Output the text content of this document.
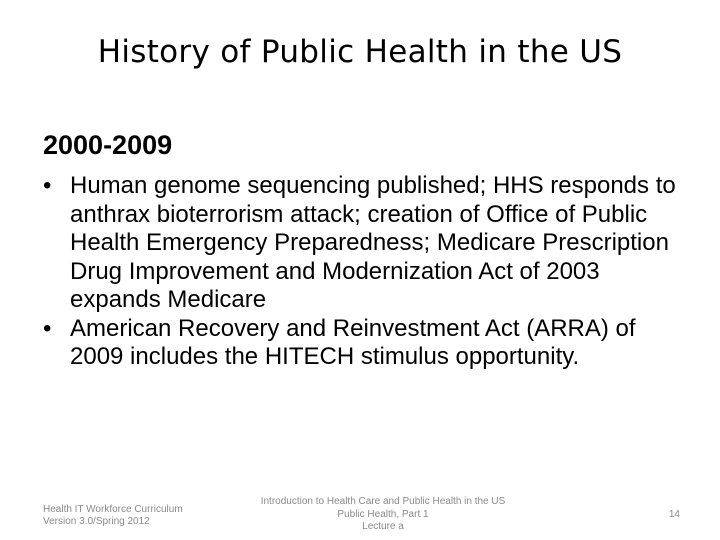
History of Public Health in the US
2000-2009
• Human genome sequencing published; HHS responds to anthrax bioterrorism attack; creation of Office of Public Health Emergency Preparedness; Medicare Prescription Drug Improvement and Modernization Act of 2003 expands Medicare
• American Recovery and Reinvestment Act (ARRA) of 2009 includes the HITECH stimulus opportunity.
Health IT Workforce Curriculum
Version 3.0/Spring 2012
Introduction to Health Care and Public Health in the US
Public Health, Part 1
Lecture a
14
